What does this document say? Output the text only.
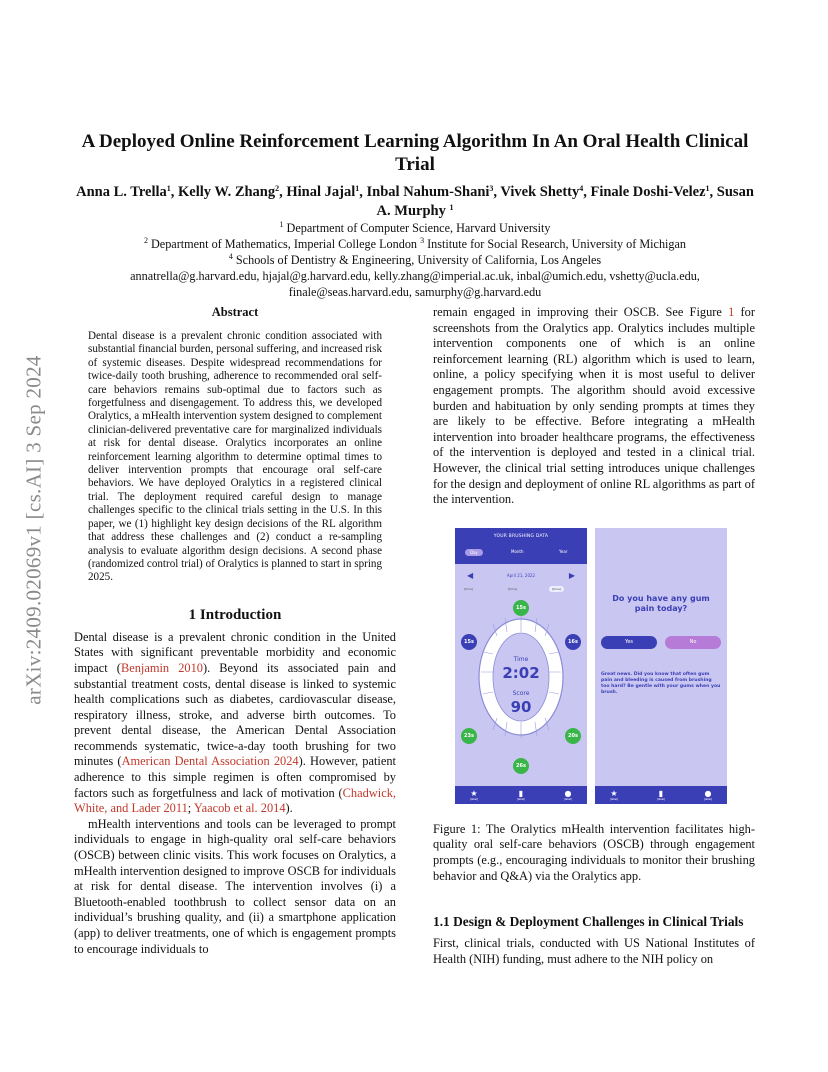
arXiv:2409.02069v1 [cs.AI] 3 Sep 2024
A Deployed Online Reinforcement Learning Algorithm In An Oral Health Clinical Trial
Anna L. Trella$^1$, Kelly W. Zhang$^2$, Hinal Jajal$^1$, Inbal Nahum-Shani$^3$, Vivek Shetty$^4$, Finale Doshi-Velez$^1$, Susan A. Murphy $^1$
$^1$ Department of Computer Science, Harvard University
$^2$ Department of Mathematics, Imperial College London $^3$ Institute for Social Research, University of Michigan
$^4$ Schools of Dentistry & Engineering, University of California, Los Angeles
annatrella@g.harvard.edu, hjajal@g.harvard.edu, kelly.zhang@imperial.ac.uk, inbal@umich.edu, vshetty@ucla.edu,
finale@seas.harvard.edu, samurphy@g.harvard.edu
Abstract

Dental disease is a prevalent chronic condition associated with substantial financial burden, personal suffering, and increased risk of systemic diseases. Despite widespread recommendations for twice-daily tooth brushing, adherence to recommended oral self-care behaviors remains sub-optimal due to factors such as forgetfulness and disengagement. To address this, we developed Oralytics, a mHealth intervention system designed to complement clinician-delivered preventative care for marginalized individuals at risk for dental disease. Oralytics incorporates an online reinforcement learning algorithm to determine optimal times to deliver intervention prompts that encourage oral self-care behaviors. We have deployed Oralytics in a registered clinical trial. The deployment required careful design to manage challenges specific to the clinical trials setting in the U.S. In this paper, we (1) highlight key design decisions of the RL algorithm that address these challenges and (2) conduct a re-sampling analysis to evaluate algorithm design decisions. A second phase (randomized control trial) of Oralytics is planned to start in spring 2025.

1 Introduction

Dental disease is a prevalent chronic condition in the United States with significant preventable morbidity and economic impact (Benjamin 2010). Beyond its associated pain and substantial treatment costs, dental disease is linked to systemic health complications such as diabetes, cardiovascular disease, respiratory illness, stroke, and adverse birth outcomes. To prevent dental disease, the American Dental Association recommends systematic, twice-a-day tooth brushing for two minutes (American Dental Association 2024). However, patient adherence to this simple regimen is often compromised by factors such as forgetfulness and lack of motivation (Chadwick, White, and Lader 2011; Yaacob et al. 2014).

mHealth interventions and tools can be leveraged to prompt individuals to engage in high-quality oral self-care behaviors (OSCB) between clinic visits. This work focuses on Oralytics, a mHealth intervention designed to improve OSCB for individuals at risk for dental disease. The intervention involves (i) a Bluetooth-enabled toothbrush to collect sensor data on an individual’s brushing quality, and (ii) a smartphone application (app) to deliver treatments, one of which is engagement prompts to encourage individuals to

remain engaged in improving their OSCB. See Figure 1 for screenshots from the Oralytics app. Oralytics includes multiple intervention components one of which is an online reinforcement learning (RL) algorithm which is used to learn, online, a policy specifying when it is most useful to deliver engagement prompts. The algorithm should avoid excessive burden and habituation by only sending prompts at times they are likely to be effective. Before integrating a mHealth intervention into broader healthcare programs, the effectiveness of the intervention is deployed and tested in a clinical trial. However, the clinical trial setting introduces unique challenges for the design and deployment of online RL algorithms as part of the intervention.

YOUR BRUSHING DATA
Day	Month	Year
◀	April 21, 2022	▶
[time]	[time]	[time]
15s
15s	16s
23s	20s
26s
Time
2:02
Score
90
★
[label]
▮
[label]
●
[label]
Do you have any gum pain today?
Yes	No
Great news. Did you know that often gum pain and bleeding is caused from brushing too hard? Be gentle with your gums when you brush.
★
[label]
▮
[label]
●
[label]

Figure 1: The Oralytics mHealth intervention facilitates high-quality oral self-care behaviors (OSCB) through engagement prompts (e.g., encouraging individuals to monitor their brushing behavior and Q&A) via the Oralytics app.

1.1 Design & Deployment Challenges in Clinical Trials

First, clinical trials, conducted with US National Institutes of Health (NIH) funding, must adhere to the NIH policy on
